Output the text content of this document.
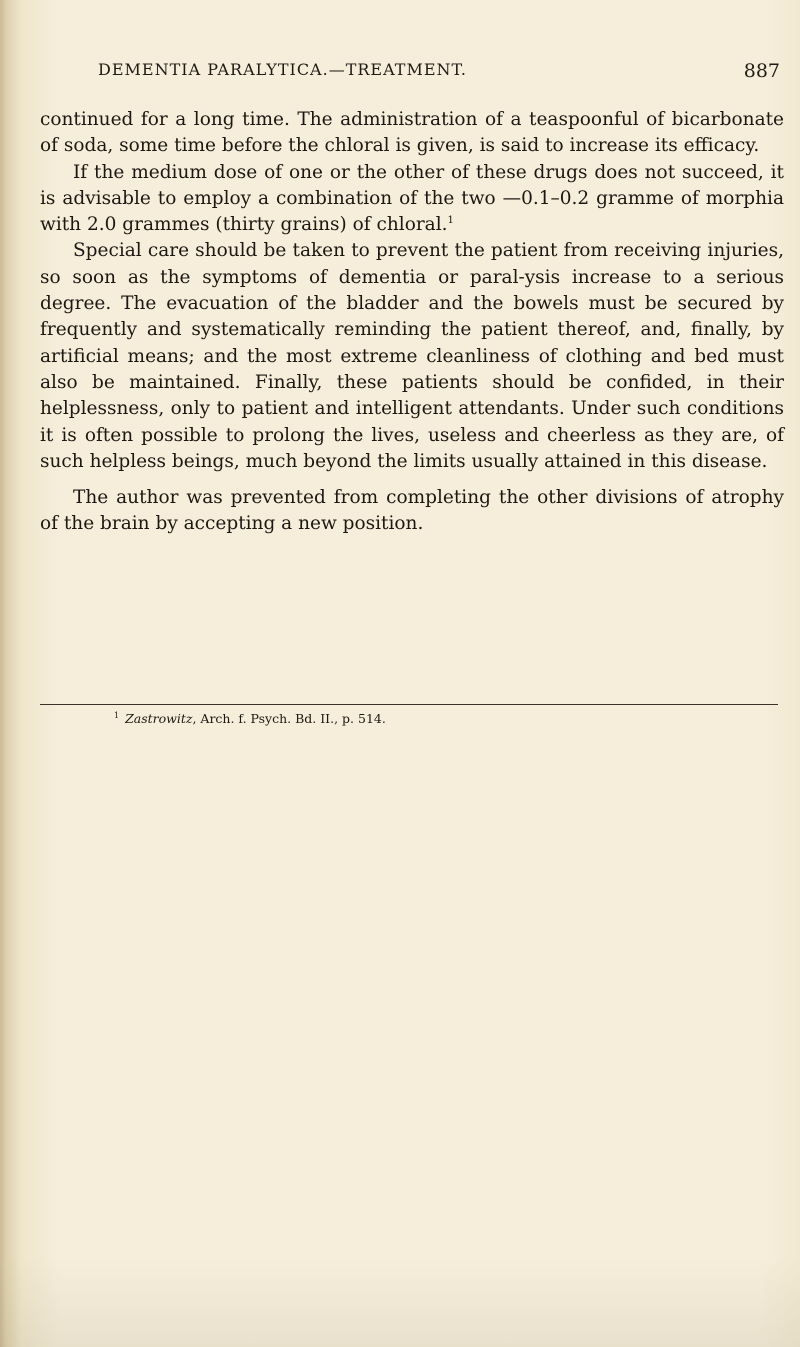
DEMENTIA PARALYTICA.—TREATMENT.	887

continued for a long time. The administration of a teaspoonful of bicarbonate of soda, some time before the chloral is given, is said to increase its efficacy.

If the medium dose of one or the other of these drugs does not succeed, it is advisable to employ a combination of the two —0.1–0.2 gramme of morphia with 2.0 grammes (thirty grains) of chloral.$^1$

Special care should be taken to prevent the patient from receiving injuries, so soon as the symptoms of dementia or paral-ysis increase to a serious degree. The evacuation of the bladder and the bowels must be secured by frequently and systematically reminding the patient thereof, and, finally, by artificial means; and the most extreme cleanliness of clothing and bed must also be maintained. Finally, these patients should be confided, in their helplessness, only to patient and intelligent attendants. Under such conditions it is often possible to prolong the lives, useless and cheerless as they are, of such helpless beings, much beyond the limits usually attained in this disease.

The author was prevented from completing the other divisions of atrophy of the brain by accepting a new position.

$^1$ Zastrowitz, Arch. f. Psych. Bd. II., p. 514.
